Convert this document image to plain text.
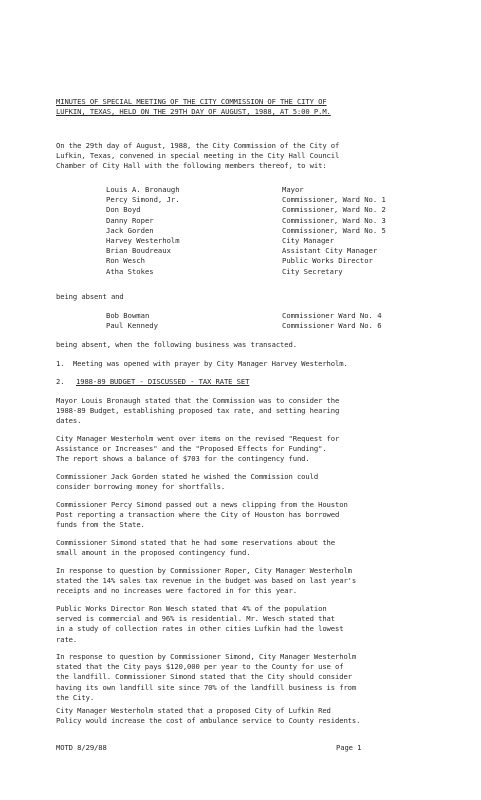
MINUTES OF SPECIAL MEETING OF THE CITY COMMISSION OF THE CITY OF
LUFKIN, TEXAS, HELD ON THE 29TH DAY OF AUGUST, 1988, AT 5:00 P.M.
On the 29th day of August, 1988, the City Commission of the City of
Lufkin, Texas, convened in special meeting in the City Hall Council
Chamber of City Hall with the following members thereof, to wit:
Louis A. Bronaugh	Mayor
Percy Simond, Jr.	Commissioner, Ward No. 1
Don Boyd	Commissioner, Ward No. 2
Danny Roper	Commissioner, Ward No. 3
Jack Gorden	Commissioner, Ward No. 5
Harvey Westerholm	City Manager
Brian Boudreaux	Assistant City Manager
Ron Wesch	Public Works Director
Atha Stokes	City Secretary
being absent and
Bob Bowman	Commissioner Ward No. 4
Paul Kennedy	Commissioner Ward No. 6
being absent, when the following business was transacted.
1.  Meeting was opened with prayer by City Manager Harvey Westerholm.
2. 1988-89 BUDGET - DISCUSSED - TAX RATE SET
Mayor Louis Bronaugh stated that the Commission was to consider the
1988-89 Budget, establishing proposed tax rate, and setting hearing
dates.
City Manager Westerholm went over items on the revised "Request for
Assistance or Increases" and the "Proposed Effects for Funding".
The report shows a balance of $703 for the contingency fund.
Commissioner Jack Gorden stated he wished the Commission could
consider borrowing money for shortfalls.
Commissioner Percy Simond passed out a news clipping from the Houston
Post reporting a transaction where the City of Houston has borrowed
funds from the State.
Commissioner Simond stated that he had some reservations about the
small amount in the proposed contingency fund.
In response to question by Commissioner Roper, City Manager Westerholm
stated the 14% sales tax revenue in the budget was based on last year's
receipts and no increases were factored in for this year.
Public Works Director Ron Wesch stated that 4% of the population
served is commercial and 96% is residential. Mr. Wesch stated that
in a study of collection rates in other cities Lufkin had the lowest
rate.
In response to question by Commissioner Simond, City Manager Westerholm
stated that the City pays $120,000 per year to the County for use of
the landfill. Commissioner Simond stated that the City should consider
having its own landfill site since 70% of the landfill business is from
the City.
City Manager Westerholm stated that a proposed City of Lufkin Red
Policy would increase the cost of ambulance service to County residents.
MOTD 8/29/88	Page 1
